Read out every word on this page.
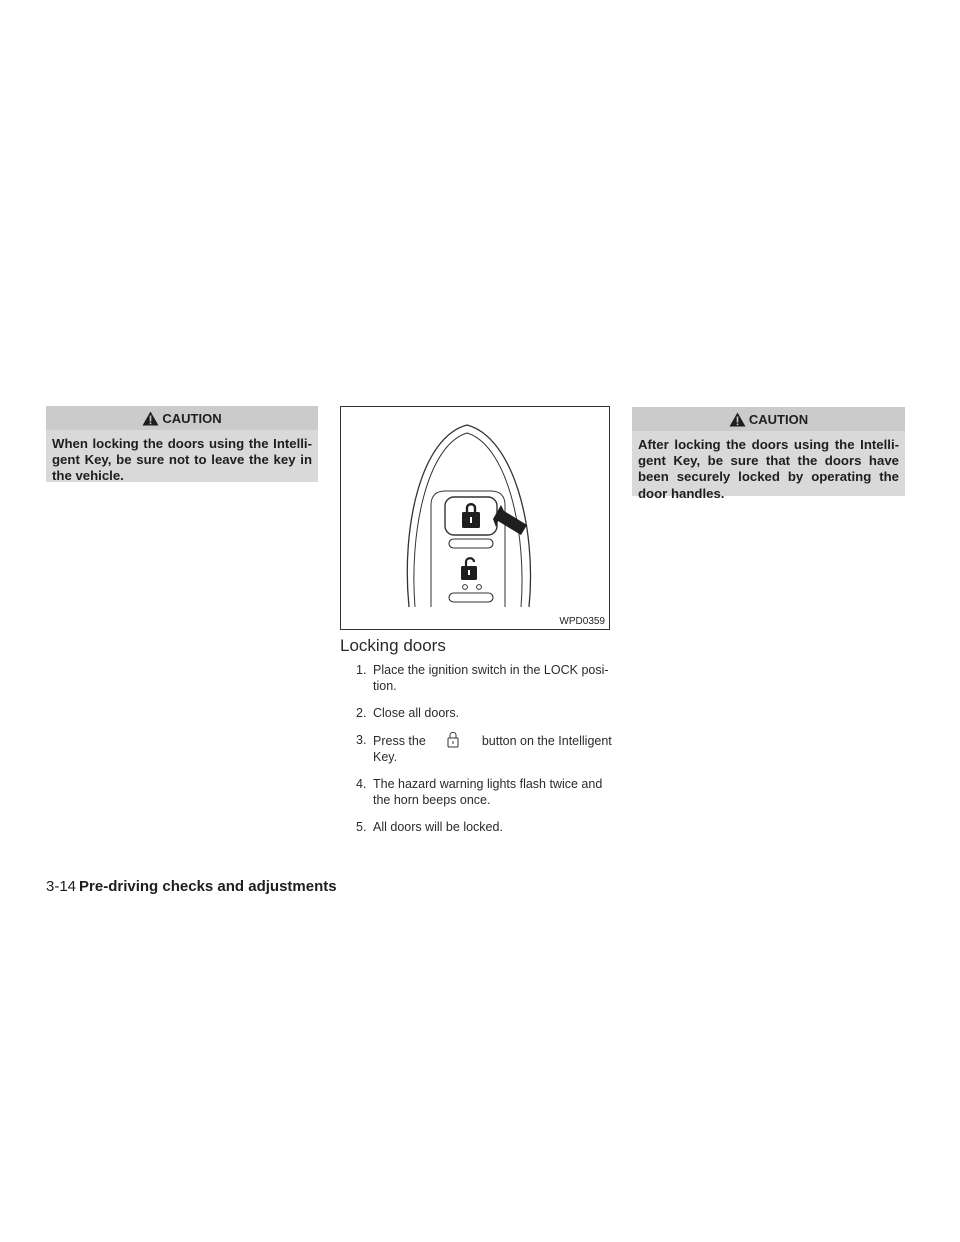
CAUTION
When locking the doors using the Intelli-gent Key, be sure not to leave the key in the vehicle.
WPD0359
Locking doors
1. Place the ignition switch in the LOCK posi-tion.
2. Close all doors.
3. Press the	button on the Intelligent
Key.
4. The hazard warning lights flash twice and the horn beeps once.
5. All doors will be locked.
CAUTION
After locking the doors using the Intelli-gent Key, be sure that the doors have been securely locked by operating the door handles.
3-14 Pre-driving checks and adjustments
